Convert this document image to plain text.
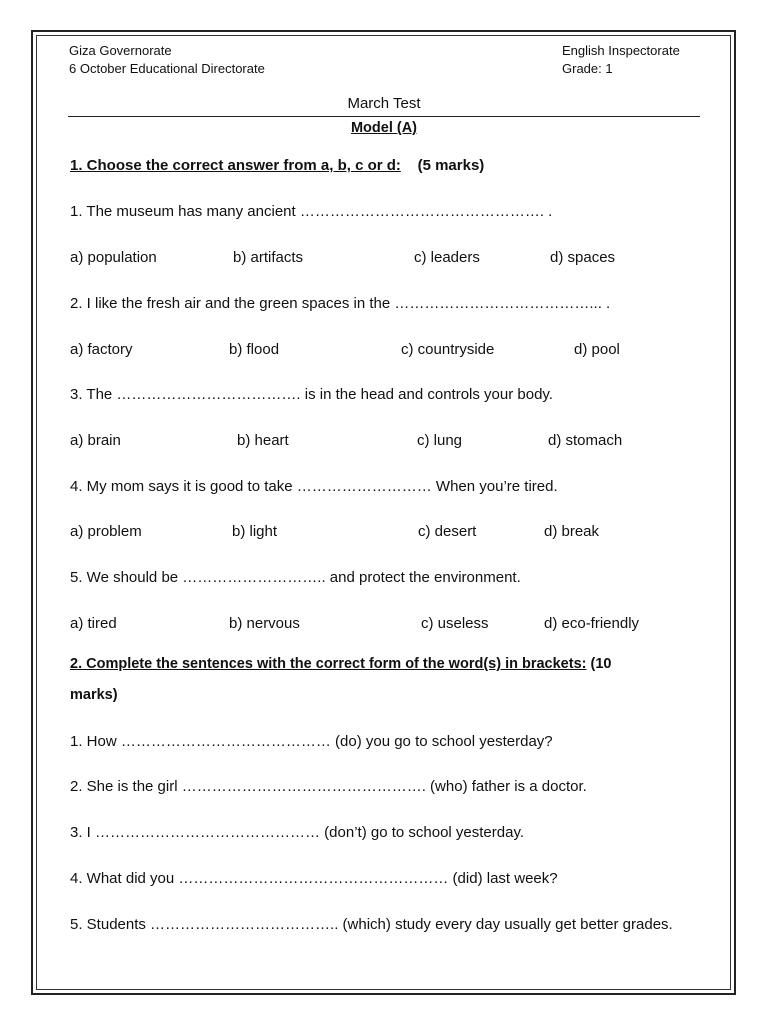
Giza Governorate
6 October Educational Directorate
English Inspectorate
Grade: 1
March Test
Model (A)
1. Choose the correct answer from a, b, c or d: (5 marks)
1. The museum has many ancient …………………………………………. .
a) population	b) artifacts	c) leaders	d) spaces
2. I like the fresh air and the green spaces in the …………………………………... .
a) factory	b) flood	c) countryside	d) pool
3. The ………………………………. is in the head and controls your body.
a) brain	b) heart	c) lung	d) stomach
4. My mom says it is good to take ……………………… When you’re tired.
a) problem	b) light	c) desert	d) break
5. We should be ……………………….. and protect the environment.
a) tired	b) nervous	c) useless	d) eco-friendly
2. Complete the sentences with the correct form of the word(s) in brackets: (10
marks)
1. How …………………………………… (do) you go to school yesterday?
2. She is the girl …………………………………………. (who) father is a doctor.
3. I ……………………………………… (don’t) go to school yesterday.
4. What did you ……………………………………………… (did) last week?
5. Students ……………………………….. (which) study every day usually get better grades.
